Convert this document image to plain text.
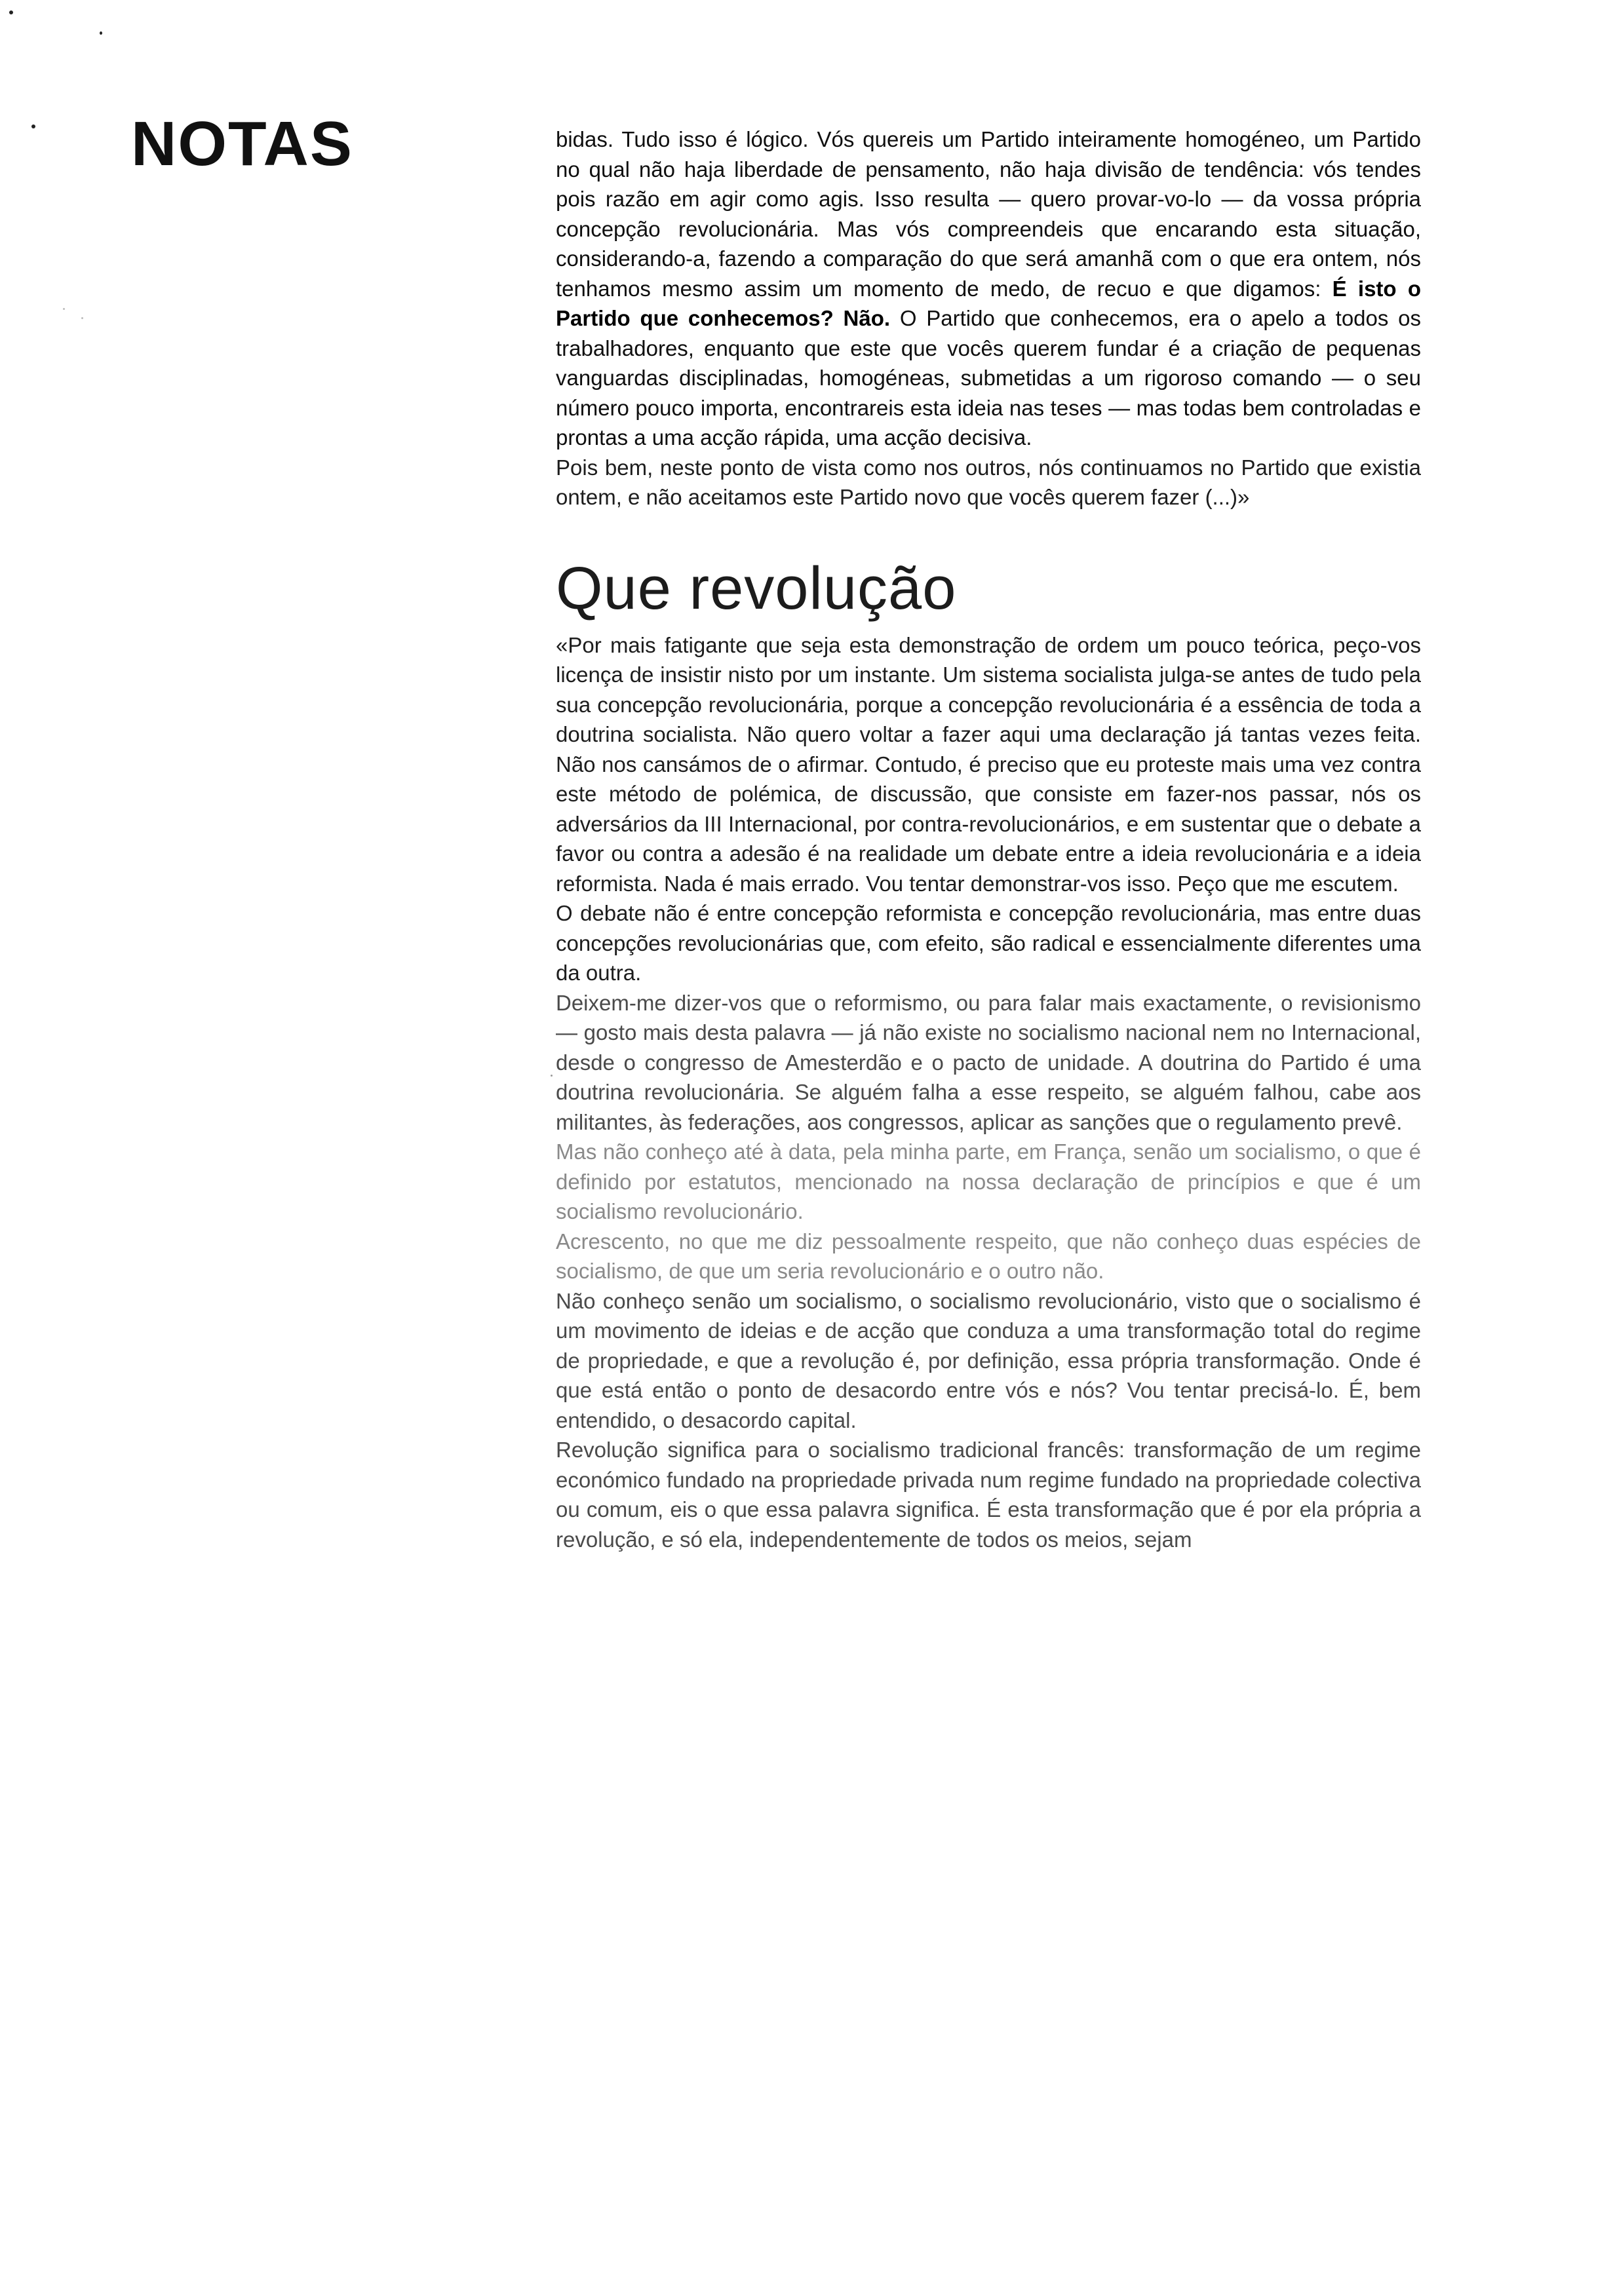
NOTAS	bidas. Tudo isso é lógico. Vós quereis um Partido inteiramente homogéneo, um Partido no qual não haja liberdade de pensamento, não haja divisão de tendência: vós tendes pois razão em agir como agis. Isso resulta — quero provar-vo-lo — da vossa própria concepção revolucionária. Mas vós compreendeis que encarando esta situação, considerando-a, fazendo a comparação do que será amanhã com o que era ontem, nós tenhamos mesmo assim um momento de medo, de recuo e que digamos: É isto o Partido que conhecemos? Não. O Partido que conhecemos, era o apelo a todos os trabalhadores, enquanto que este que vocês querem fundar é a criação de pequenas vanguardas disciplinadas, homogéneas, submetidas a um rigoroso comando — o seu número pouco importa, encontrareis esta ideia nas teses — mas todas bem controladas e prontas a uma acção rápida, uma acção decisiva.

Pois bem, neste ponto de vista como nos outros, nós continuamos no Partido que existia ontem, e não aceitamos este Partido novo que vocês querem fazer (...)»

Que revolução

«Por mais fatigante que seja esta demonstração de ordem um pouco teórica, peço-vos licença de insistir nisto por um instante. Um sistema socialista julga-se antes de tudo pela sua concepção revolucionária, porque a concepção revolucionária é a essência de toda a doutrina socialista. Não quero voltar a fazer aqui uma declaração já tantas vezes feita. Não nos cansámos de o afirmar. Contudo, é preciso que eu proteste mais uma vez contra este método de polémica, de discussão, que consiste em fazer-nos passar, nós os adversários da III Internacional, por contra-revolucionários, e em sustentar que o debate a favor ou contra a adesão é na realidade um debate entre a ideia revolucionária e a ideia reformista. Nada é mais errado. Vou tentar demonstrar-vos isso. Peço que me escutem.

O debate não é entre concepção reformista e concepção revolucionária, mas entre duas concepções revolucionárias que, com efeito, são radical e essencialmente diferentes uma da outra.

Deixem-me dizer-vos que o reformismo, ou para falar mais exactamente, o revisionismo — gosto mais desta palavra — já não existe no socialismo nacional nem no Internacional, desde o congresso de Amesterdão e o pacto de unidade. A doutrina do Partido é uma doutrina revolucionária. Se alguém falha a esse respeito, se alguém falhou, cabe aos militantes, às federações, aos congressos, aplicar as sanções que o regulamento prevê.

Mas não conheço até à data, pela minha parte, em França, senão um socialismo, o que é definido por estatutos, mencionado na nossa declaração de princípios e que é um socialismo revolucionário.

Acrescento, no que me diz pessoalmente respeito, que não conheço duas espécies de socialismo, de que um seria revolucionário e o outro não.

Não conheço senão um socialismo, o socialismo revolucionário, visto que o socialismo é um movimento de ideias e de acção que conduza a uma transformação total do regime de propriedade, e que a revolução é, por definição, essa própria transformação. Onde é que está então o ponto de desacordo entre vós e nós? Vou tentar precisá-lo. É, bem entendido, o desacordo capital.

Revolução significa para o socialismo tradicional francês: transformação de um regime económico fundado na propriedade privada num regime fundado na propriedade colectiva ou comum, eis o que essa palavra significa. É esta transformação que é por ela própria a revolução, e só ela, independentemente de todos os meios, sejam
